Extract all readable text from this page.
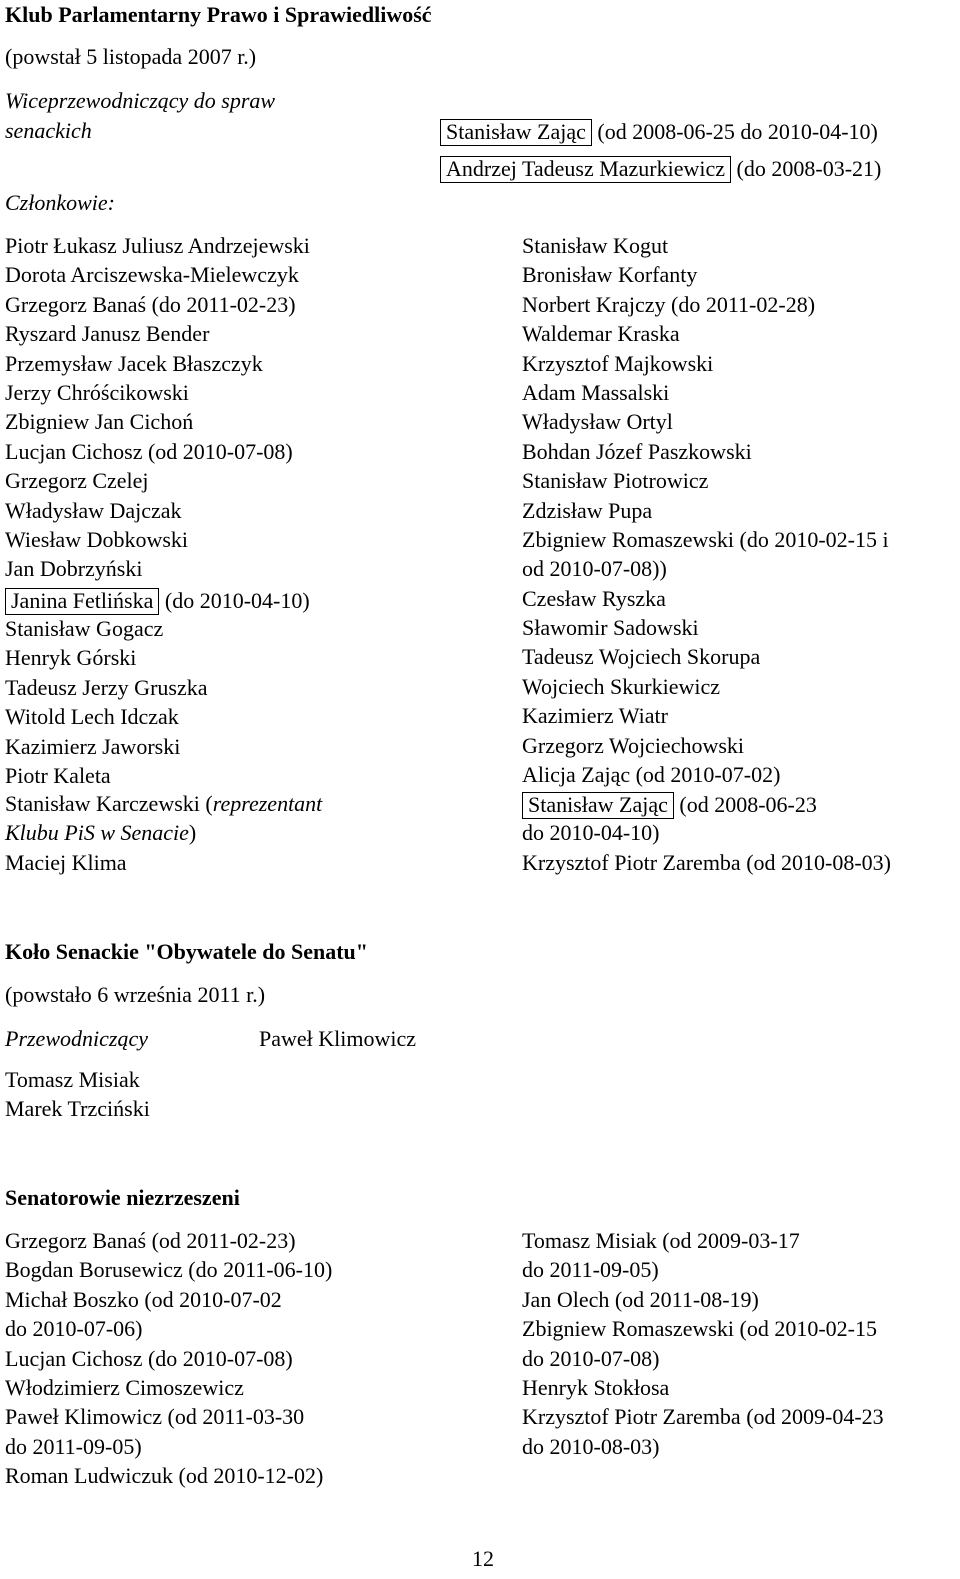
Klub Parlamentarny Prawo i Sprawiedliwość
(powstał 5 listopada 2007 r.)
Wiceprzewodniczący do spraw
senackich	Stanisław Zając (od 2008-06-25 do 2010-04-10)
Andrzej Tadeusz Mazurkiewicz (do 2008-03-21)
Członkowie:
Piotr Łukasz Juliusz Andrzejewski
Dorota Arciszewska-Mielewczyk
Grzegorz Banaś (do 2011-02-23)
Ryszard Janusz Bender
Przemysław Jacek Błaszczyk
Jerzy Chróścikowski
Zbigniew Jan Cichoń
Lucjan Cichosz (od 2010-07-08)
Grzegorz Czelej
Władysław Dajczak
Wiesław Dobkowski
Jan Dobrzyński
Janina Fetlińska (do 2010-04-10)
Stanisław Gogacz
Henryk Górski
Tadeusz Jerzy Gruszka
Witold Lech Idczak
Kazimierz Jaworski
Piotr Kaleta
Stanisław Karczewski (reprezentant
Klubu PiS w Senacie)
Maciej Klima
Stanisław Kogut
Bronisław Korfanty
Norbert Krajczy (do 2011-02-28)
Waldemar Kraska
Krzysztof Majkowski
Adam Massalski
Władysław Ortyl
Bohdan Józef Paszkowski
Stanisław Piotrowicz
Zdzisław Pupa
Zbigniew Romaszewski (do 2010-02-15 i
od 2010-07-08))
Czesław Ryszka
Sławomir Sadowski
Tadeusz Wojciech Skorupa
Wojciech Skurkiewicz
Kazimierz Wiatr
Grzegorz Wojciechowski
Alicja Zając (od 2010-07-02)
Stanisław Zając (od 2008-06-23
do 2010-04-10)
Krzysztof Piotr Zaremba (od 2010-08-03)
Koło Senackie "Obywatele do Senatu"
(powstało 6 września 2011 r.)
Przewodniczący	Paweł Klimowicz
Tomasz Misiak
Marek Trzciński
Senatorowie niezrzeszeni
Grzegorz Banaś (od 2011-02-23)
Bogdan Borusewicz (do 2011-06-10)
Michał Boszko (od 2010-07-02
do 2010-07-06)
Lucjan Cichosz (do 2010-07-08)
Włodzimierz Cimoszewicz
Paweł Klimowicz (od 2011-03-30
do 2011-09-05)
Roman Ludwiczuk (od 2010-12-02)
Tomasz Misiak (od 2009-03-17
do 2011-09-05)
Jan Olech (od 2011-08-19)
Zbigniew Romaszewski (od 2010-02-15
do 2010-07-08)
Henryk Stokłosa
Krzysztof Piotr Zaremba (od 2009-04-23
do 2010-08-03)
12
